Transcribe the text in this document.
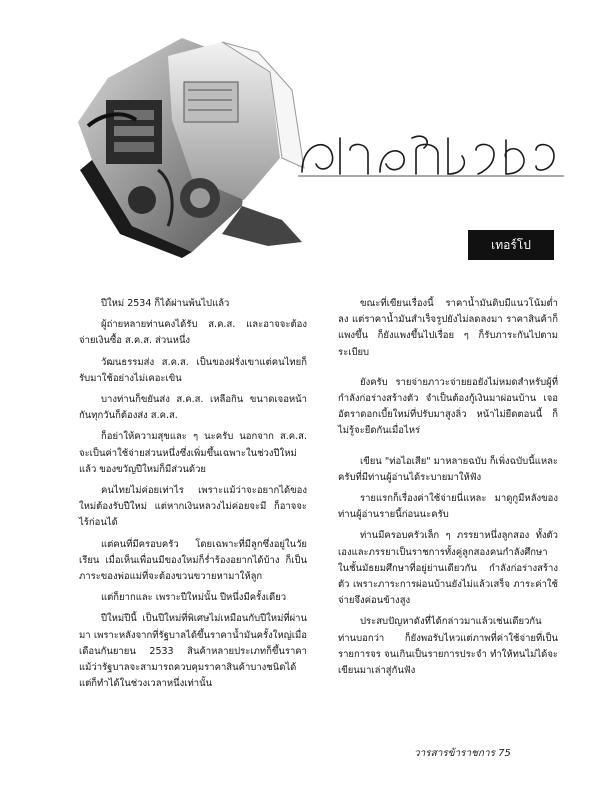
เทอร์โป

ปีใหม่ 2534 ก็ได้ผ่านพ้นไปแล้ว

ผู้ถ่ายหลายท่านคงได้รับ ส.ค.ส. และอาจจะต้องจ่ายเงินซื้อ ส.ค.ส. ส่วนหนึ่ง

วัฒนธรรมส่ง ส.ค.ส. เป็นของฝรั่งเขาแต่คนไทยก็รับมาใช้อย่างไม่เคอะเขิน

บางท่านก็ขยันส่ง ส.ค.ส. เหลือกิน ขนาดเจอหน้ากันทุกวันก็ต้องส่ง ส.ค.ส.

ก็อย่าให้ความสุขและ ๆ นะครับ นอกจาก ส.ค.ส. จะเป็นค่าใช้จ่ายส่วนหนึ่งซึ่งเพิ่มขึ้นเฉพาะในช่วงปีใหม่แล้ว ของขวัญปีใหม่ก็มีส่วนด้วย

คนไทยไม่ค่อยเท่าไร เพราะแม้ว่าจะอยากได้ของใหม่ต้องรับปีใหม่ แต่หากเงินหลวงไม่ค่อยจะมี ก็อาจจะไร้ก่อนได้

แต่คนที่มีครอบครัว โดยเฉพาะที่มีลูกซึ่งอยู่ในวัยเรียน เมื่อเห็นเพื่อนมีของใหม่ก็ร่ำร้องอยากได้บ้าง ก็เป็นภาระของพ่อแม่ที่จะต้องขวนขวายหามาให้ลูก

แต่ก็ยากและ เพราะปีใหม่นั้น ปีหนึ่งมีครั้งเดียว

ปีใหม่ปีนี้ เป็นปีใหม่ที่พิเศษไม่เหมือนกับปีใหม่ที่ผ่านมา เพราะหลังจากที่รัฐบาลได้ขึ้นราคาน้ำมันครั้งใหญ่เมื่อเดือนกันยายน 2533 สินค้าหลายประเภทก็ขึ้นราคา แม้ว่ารัฐบาลจะสามารถควบคุมราคาสินค้าบางชนิดได้ แต่ก็ทำได้ในช่วงเวลาหนึ่งเท่านั้น

ขณะที่เขียนเรื่องนี้ ราคาน้ำมันดิบมีแนวโน้มต่ำลง แต่ราคาน้ำมันสำเร็จรูปยังไม่ลดลงมา ราคาสินค้าก็แพงขึ้น ก็ยังแพงขึ้นไปเรื่อย ๆ ก็รับภาระกันไปตามระเบียบ

ยังครับ รายจ่ายภาวะจ่ายยอยังไม่หมดสำหรับผู้ที่กำลังก่อร่างสร้างตัว จำเป็นต้องกู้เงินมาผ่อนบ้าน เจออัตราดอกเบี้ยใหม่ที่ปรับมาสูงลิ่ว หน้าไม่ยืดตอนนี้ ก็ไม่รู้จะยืดกันเมื่อไหร่

เขียน "ท่อไอเสีย" มาหลายฉบับ ก็เพิ่งฉบับนี้แหละครับที่มีท่านผู้อ่านได้ระบายมาให้ฟัง

รายแรกก็เรื่องค่าใช้จ่ายนี่แหละ มาดูกูมีหลังของท่านผู้อ่านรายนี้ก่อนนะครับ

ท่านมีครอบครัวเล็ก ๆ ภรรยาหนึ่งลูกสอง ทั้งตัวเองและภรรยาเป็นราชการทั้งคู่ลูกสองคนกำลังศึกษาในชั้นมัธยมศึกษาที่อยู่ย่านเดียวกัน กำลังก่อร่างสร้างตัว เพราะภาระการผ่อนบ้านยังไม่แล้วเสร็จ ภาระค่าใช้จ่ายจึงค่อนข้างสูง

ประสบปัญหาดังที่ได้กล่าวมาแล้วเช่นเดียวกันท่านบอกว่า ก็ยังพอรับไหวแต่ภาพที่ค่าใช้จ่ายที่เป็นรายการจร จนเกินเป็นรายการประจำ ทำให้ทนไม่ได้จะเขียนมาเล่าสู่กันฟัง

วารสารข้าราชการ 75
